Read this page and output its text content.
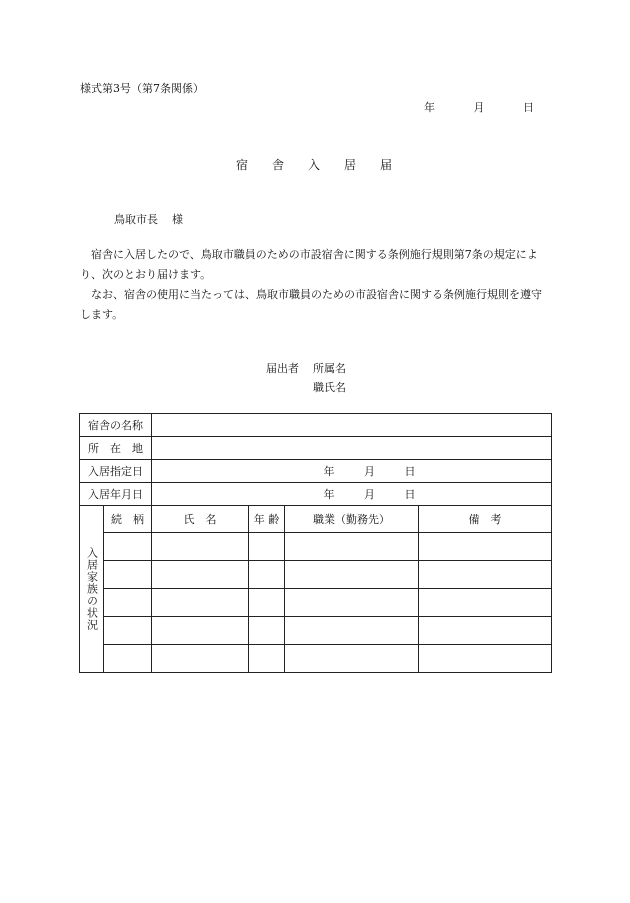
様式第3号（第7条関係）
年	月	日
宿 舎 入 居 届
鳥取市長 様
宿舎に入居したので、鳥取市職員のための市設宿舎に関する条例施行規則第7条の規定により、次のとおり届けます。
なお、宿舎の使用に当たっては、鳥取市職員のための市設宿舎に関する条例施行規則を遵守します。
届出者 所属名
職氏名

宿舎の名称					
所　在　地					
入居指定日		年 月 日			

入居年月日		年 月 日			

入居家族の状況	続　柄	氏　名	年 齢	職業（勤務先）	備　考
